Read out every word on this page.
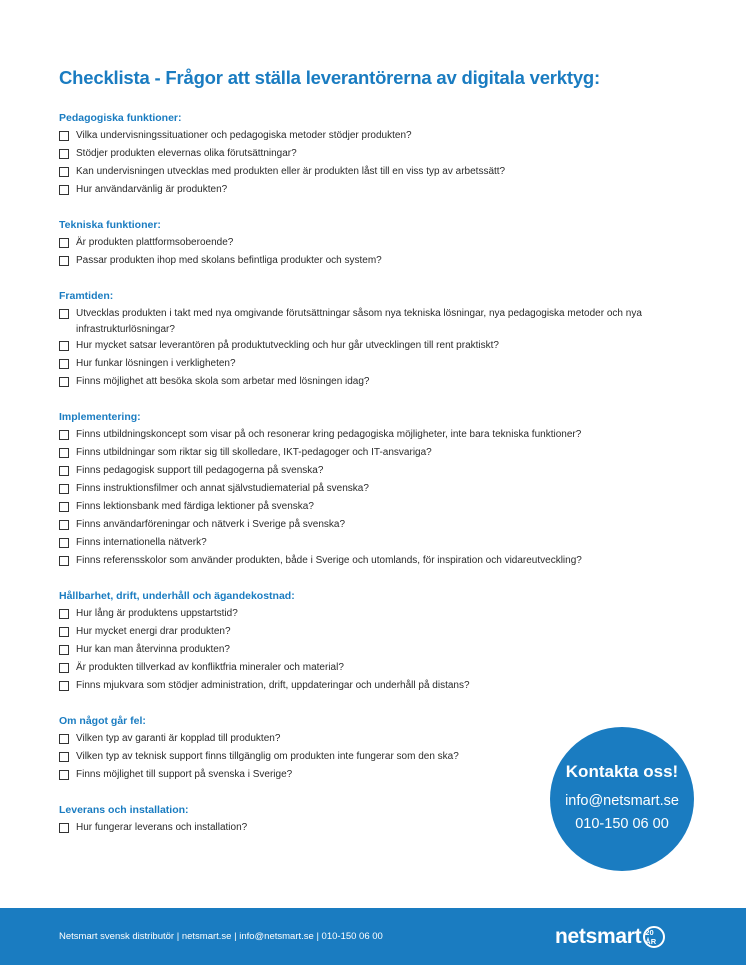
Checklista - Frågor att ställa leverantörerna av digitala verktyg:
Pedagogiska funktioner:
Vilka undervisningssituationer och pedagogiska metoder stödjer produkten?
Stödjer produkten elevernas olika förutsättningar?
Kan undervisningen utvecklas med produkten eller är produkten låst till en viss typ av arbetssätt?
Hur användarvänlig är produkten?
Tekniska funktioner:
Är produkten plattformsoberoende?
Passar produkten ihop med skolans befintliga produkter och system?
Framtiden:
Utvecklas produkten i takt med nya omgivande förutsättningar såsom nya tekniska lösningar, nya pedagogiska metoder och nya infrastrukturlösningar?
Hur mycket satsar leverantören på produktutveckling och hur går utvecklingen till rent praktiskt?
Hur funkar lösningen i verkligheten?
Finns möjlighet att besöka skola som arbetar med lösningen idag?
Implementering:
Finns utbildningskoncept som visar på och resonerar kring pedagogiska möjligheter, inte bara tekniska funktioner?
Finns utbildningar som riktar sig till skolledare, IKT-pedagoger och IT-ansvariga?
Finns pedagogisk support till pedagogerna på svenska?
Finns instruktionsfilmer och annat självstudiematerial på svenska?
Finns lektionsbank med färdiga lektioner på svenska?
Finns användarföreningar och nätverk i Sverige på svenska?
Finns internationella nätverk?
Finns referensskolor som använder produkten, både i Sverige och utomlands, för inspiration och vidareutveckling?
Hållbarhet, drift, underhåll och ägandekostnad:
Hur lång är produktens uppstartstid?
Hur mycket energi drar produkten?
Hur kan man återvinna produkten?
Är produkten tillverkad av konfliktfria mineraler och material?
Finns mjukvara som stödjer administration, drift, uppdateringar och underhåll på distans?
Om något går fel:
Vilken typ av garanti är kopplad till produkten?
Vilken typ av teknisk support finns tillgänglig om produkten inte fungerar som den ska?
Finns möjlighet till support på svenska i Sverige?
Leverans och installation:
Hur fungerar leverans och installation?
Kontakta oss!
info@netsmart.se
010-150 06 00
Netsmart svensk distributör | netsmart.se | info@netsmart.se | 010-150 06 00	netsmart 20 ÅR
